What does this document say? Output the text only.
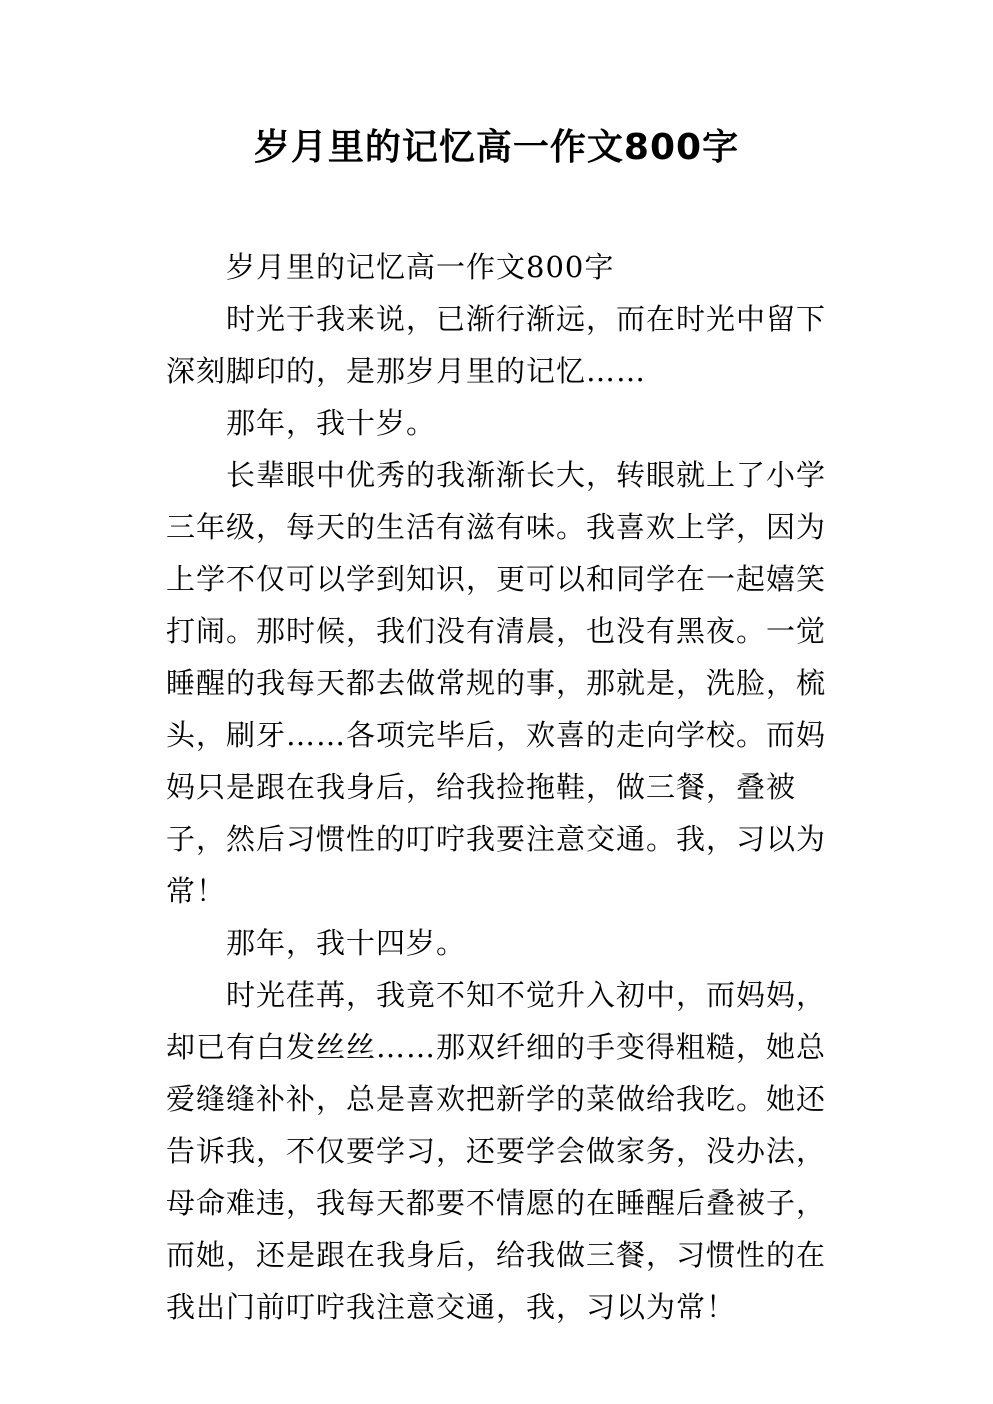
岁月里的记忆高一作文800字

岁月里的记忆高一作文800字

时光于我来说，已渐行渐远，而在时光中留下深刻脚印的，是那岁月里的记忆……

那年，我十岁。

长辈眼中优秀的我渐渐长大，转眼就上了小学三年级，每天的生活有滋有味。我喜欢上学，因为上学不仅可以学到知识，更可以和同学在一起嬉笑打闹。那时候，我们没有清晨，也没有黑夜。一觉睡醒的我每天都去做常规的事，那就是，洗脸，梳头，刷牙……各项完毕后，欢喜的走向学校。而妈妈只是跟在我身后，给我捡拖鞋，做三餐，叠被子，然后习惯性的叮咛我要注意交通。我，习以为常！

那年，我十四岁。

时光荏苒，我竟不知不觉升入初中，而妈妈，却已有白发丝丝……那双纤细的手变得粗糙，她总爱缝缝补补，总是喜欢把新学的菜做给我吃。她还告诉我，不仅要学习，还要学会做家务，没办法，母命难违，我每天都要不情愿的在睡醒后叠被子，而她，还是跟在我身后，给我做三餐，习惯性的在我出门前叮咛我注意交通，我，习以为常！
